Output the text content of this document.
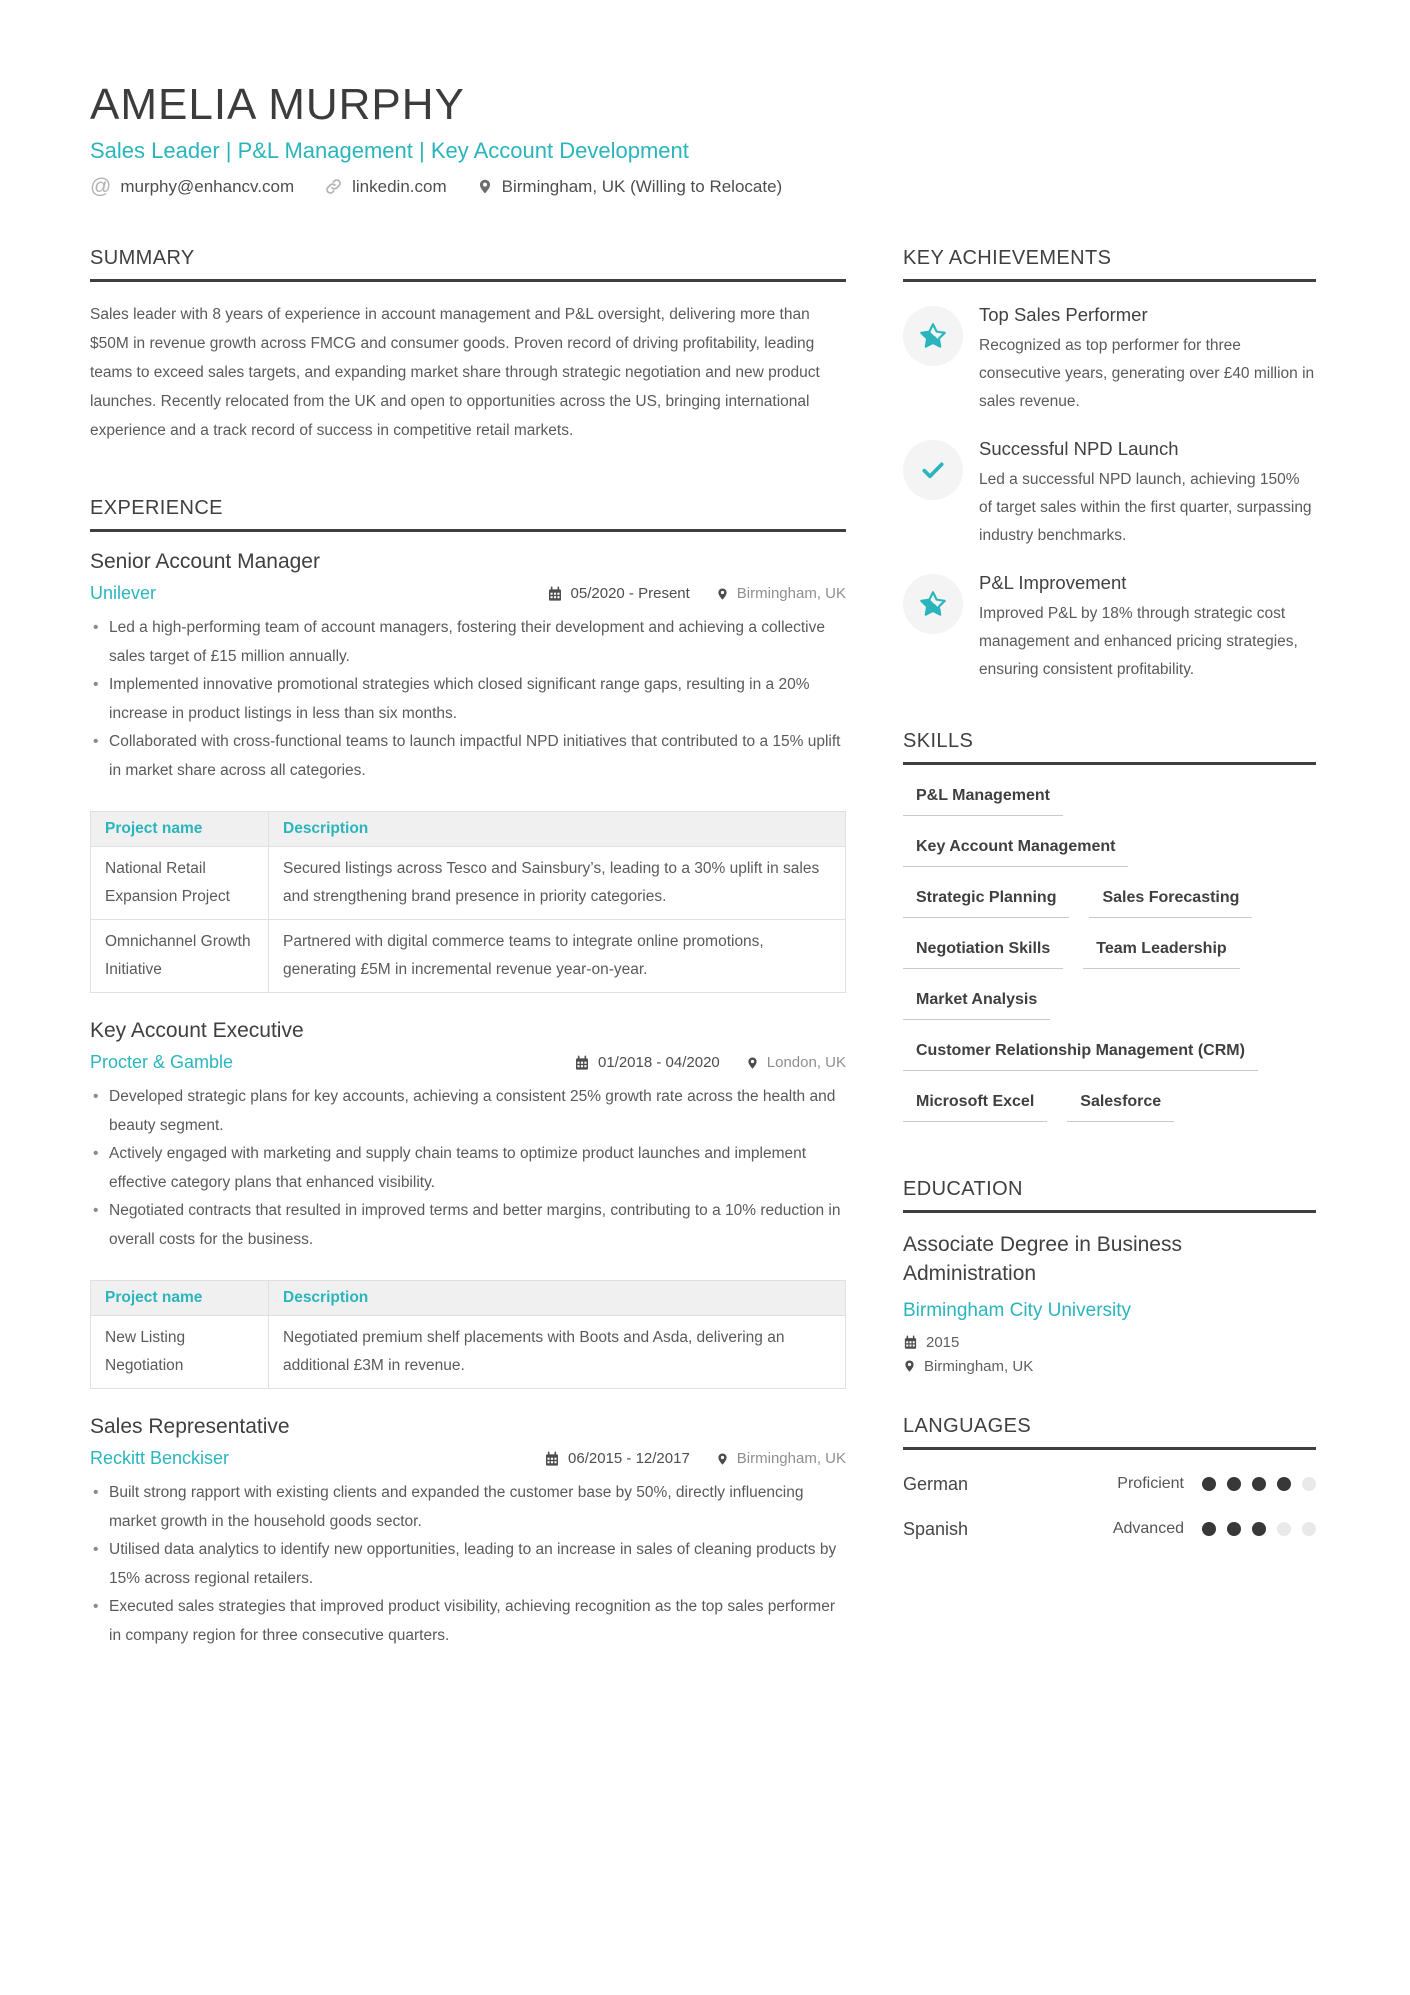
AMELIA MURPHY
Sales Leader | P&L Management | Key Account Development
@ murphy@enhancv.com	linkedin.com	Birmingham, UK (Willing to Relocate)
SUMMARY
Sales leader with 8 years of experience in account management and P&L oversight, delivering more than $50M in revenue growth across FMCG and consumer goods. Proven record of driving profitability, leading teams to exceed sales targets, and expanding market share through strategic negotiation and new product launches. Recently relocated from the UK and open to opportunities across the US, bringing international experience and a track record of success in competitive retail markets.
EXPERIENCE
Senior Account Manager
Unilever	05/2020 - Present	Birmingham, UK
• Led a high-performing team of account managers, fostering their development and achieving a collective sales target of £15 million annually.
• Implemented innovative promotional strategies which closed significant range gaps, resulting in a 20% increase in product listings in less than six months.
• Collaborated with cross-functional teams to launch impactful NPD initiatives that contributed to a 15% uplift in market share across all categories.
Project name	Description
National Retail Expansion Project	Secured listings across Tesco and Sainsbury’s, leading to a 30% uplift in sales and strengthening brand presence in priority categories.
Omnichannel Growth Initiative	Partnered with digital commerce teams to integrate online promotions, generating £5M in incremental revenue year-on-year.
Key Account Executive
Procter & Gamble	01/2018 - 04/2020	London, UK
• Developed strategic plans for key accounts, achieving a consistent 25% growth rate across the health and beauty segment.
• Actively engaged with marketing and supply chain teams to optimize product launches and implement effective category plans that enhanced visibility.
• Negotiated contracts that resulted in improved terms and better margins, contributing to a 10% reduction in overall costs for the business.
Project name	Description
New Listing Negotiation	Negotiated premium shelf placements with Boots and Asda, delivering an additional £3M in revenue.
Sales Representative
Reckitt Benckiser	06/2015 - 12/2017	Birmingham, UK
• Built strong rapport with existing clients and expanded the customer base by 50%, directly influencing market growth in the household goods sector.
• Utilised data analytics to identify new opportunities, leading to an increase in sales of cleaning products by 15% across regional retailers.
• Executed sales strategies that improved product visibility, achieving recognition as the top sales performer in company region for three consecutive quarters.
KEY ACHIEVEMENTS
Top Sales Performer
Recognized as top performer for three consecutive years, generating over £40 million in sales revenue.
Successful NPD Launch
Led a successful NPD launch, achieving 150% of target sales within the first quarter, surpassing industry benchmarks.
P&L Improvement
Improved P&L by 18% through strategic cost management and enhanced pricing strategies, ensuring consistent profitability.
SKILLS
P&L Management
Key Account Management
Strategic Planning	Sales Forecasting
Negotiation Skills	Team Leadership
Market Analysis
Customer Relationship Management (CRM)
Microsoft Excel	Salesforce
EDUCATION
Associate Degree in Business Administration
Birmingham City University
2015
Birmingham, UK
LANGUAGES
German	Proficient
Spanish	Advanced
